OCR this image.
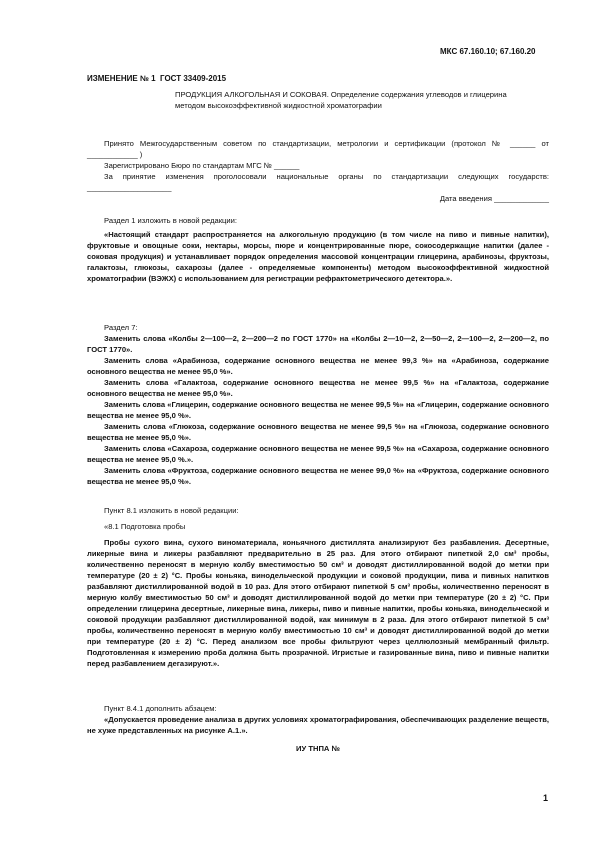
МКС 67.160.10; 67.160.20
ИЗМЕНЕНИЕ № 1 ГОСТ 33409-2015
ПРОДУКЦИЯ АЛКОГОЛЬНАЯ И СОКОВАЯ. Определение содержания углеводов и глицерина методом высокоэффективной жидкостной хроматографии

Принято Межгосударственным советом по стандартизации, метрологии и сертификации (протокол № ______ от ____________ )

Зарегистрировано Бюро по стандартам МГС № ______

За принятие изменения проголосовали национальные органы по стандартизации следующих государств: ____________________

Дата введения _____________

Раздел 1 изложить в новой редакции:

«Настоящий стандарт распространяется на алкогольную продукцию (в том числе на пиво и пивные напитки), фруктовые и овощные соки, нектары, морсы, пюре и концентрированные пюре, сокосодержащие напитки (далее - соковая продукция) и устанавливает порядок определения массовой концентрации глицерина, арабинозы, фруктозы, галактозы, глюкозы, сахарозы (далее - определяемые компоненты) методом высокоэффективной жидкостной хроматографии (ВЭЖХ) с использованием для регистрации рефрактометрического детектора.».

Раздел 7:

Заменить слова «Колбы 2—100—2, 2—200—2 по ГОСТ 1770» на «Колбы 2—10—2, 2—50—2, 2—100—2, 2—200—2, по ГОСТ 1770».

Заменить слова «Арабиноза, содержание основного вещества не менее 99,3 %» на «Арабиноза, содержание основного вещества не менее 95,0 %».

Заменить слова «Галактоза, содержание основного вещества не менее 99,5 %» на «Галактоза, содержание основного вещества не менее 95,0 %».

Заменить слова «Глицерин, содержание основного вещества не менее 99,5 %» на «Глицерин, содержание основного вещества не менее 95,0 %».

Заменить слова «Глюкоза, содержание основного вещества не менее 99,5 %» на «Глюкоза, содержание основного вещества не менее 95,0 %».

Заменить слова «Сахароза, содержание основного вещества не менее 99,5 %» на «Сахароза, содержание основного вещества не менее 95,0 %.».

Заменить слова «Фруктоза, содержание основного вещества не менее 99,0 %» на «Фруктоза, содержание основного вещества не менее 95,0 %».

Пункт 8.1 изложить в новой редакции:

«8.1 Подготовка пробы

Пробы сухого вина, сухого виноматериала, коньячного дистиллята анализируют без разбавления. Десертные, ликерные вина и ликеры разбавляют предварительно в 25 раз. Для этого отбирают пипеткой 2,0 см³ пробы, количественно переносят в мерную колбу вместимостью 50 см³ и доводят дистиллированной водой до метки при температуре (20 ± 2) °С. Пробы коньяка, винодельческой продукции и соковой продукции, пива и пивных напитков разбавляют дистиллированной водой в 10 раз. Для этого отбирают пипеткой 5 см³ пробы, количественно переносят в мерную колбу вместимостью 50 см³ и доводят дистиллированной водой до метки при температуре (20 ± 2) °С. При определении глицерина десертные, ликерные вина, ликеры, пиво и пивные напитки, пробы коньяка, винодельческой и соковой продукции разбавляют дистиллированной водой, как минимум в 2 раза. Для этого отбирают пипеткой 5 см³ пробы, количественно переносят в мерную колбу вместимостью 10 см³ и доводят дистиллированной водой до метки при температуре (20 ± 2) °С. Перед анализом все пробы фильтруют через целлюлозный мембранный фильтр. Подготовленная к измерению проба должна быть прозрачной. Игристые и газированные вина, пиво и пивные напитки перед разбавлением дегазируют.».

Пункт 8.4.1 дополнить абзацем:

«Допускается проведение анализа в других условиях хроматографирования, обеспечивающих разделение веществ, не хуже представленных на рисунке А.1.».

ИУ ТНПА №
1
